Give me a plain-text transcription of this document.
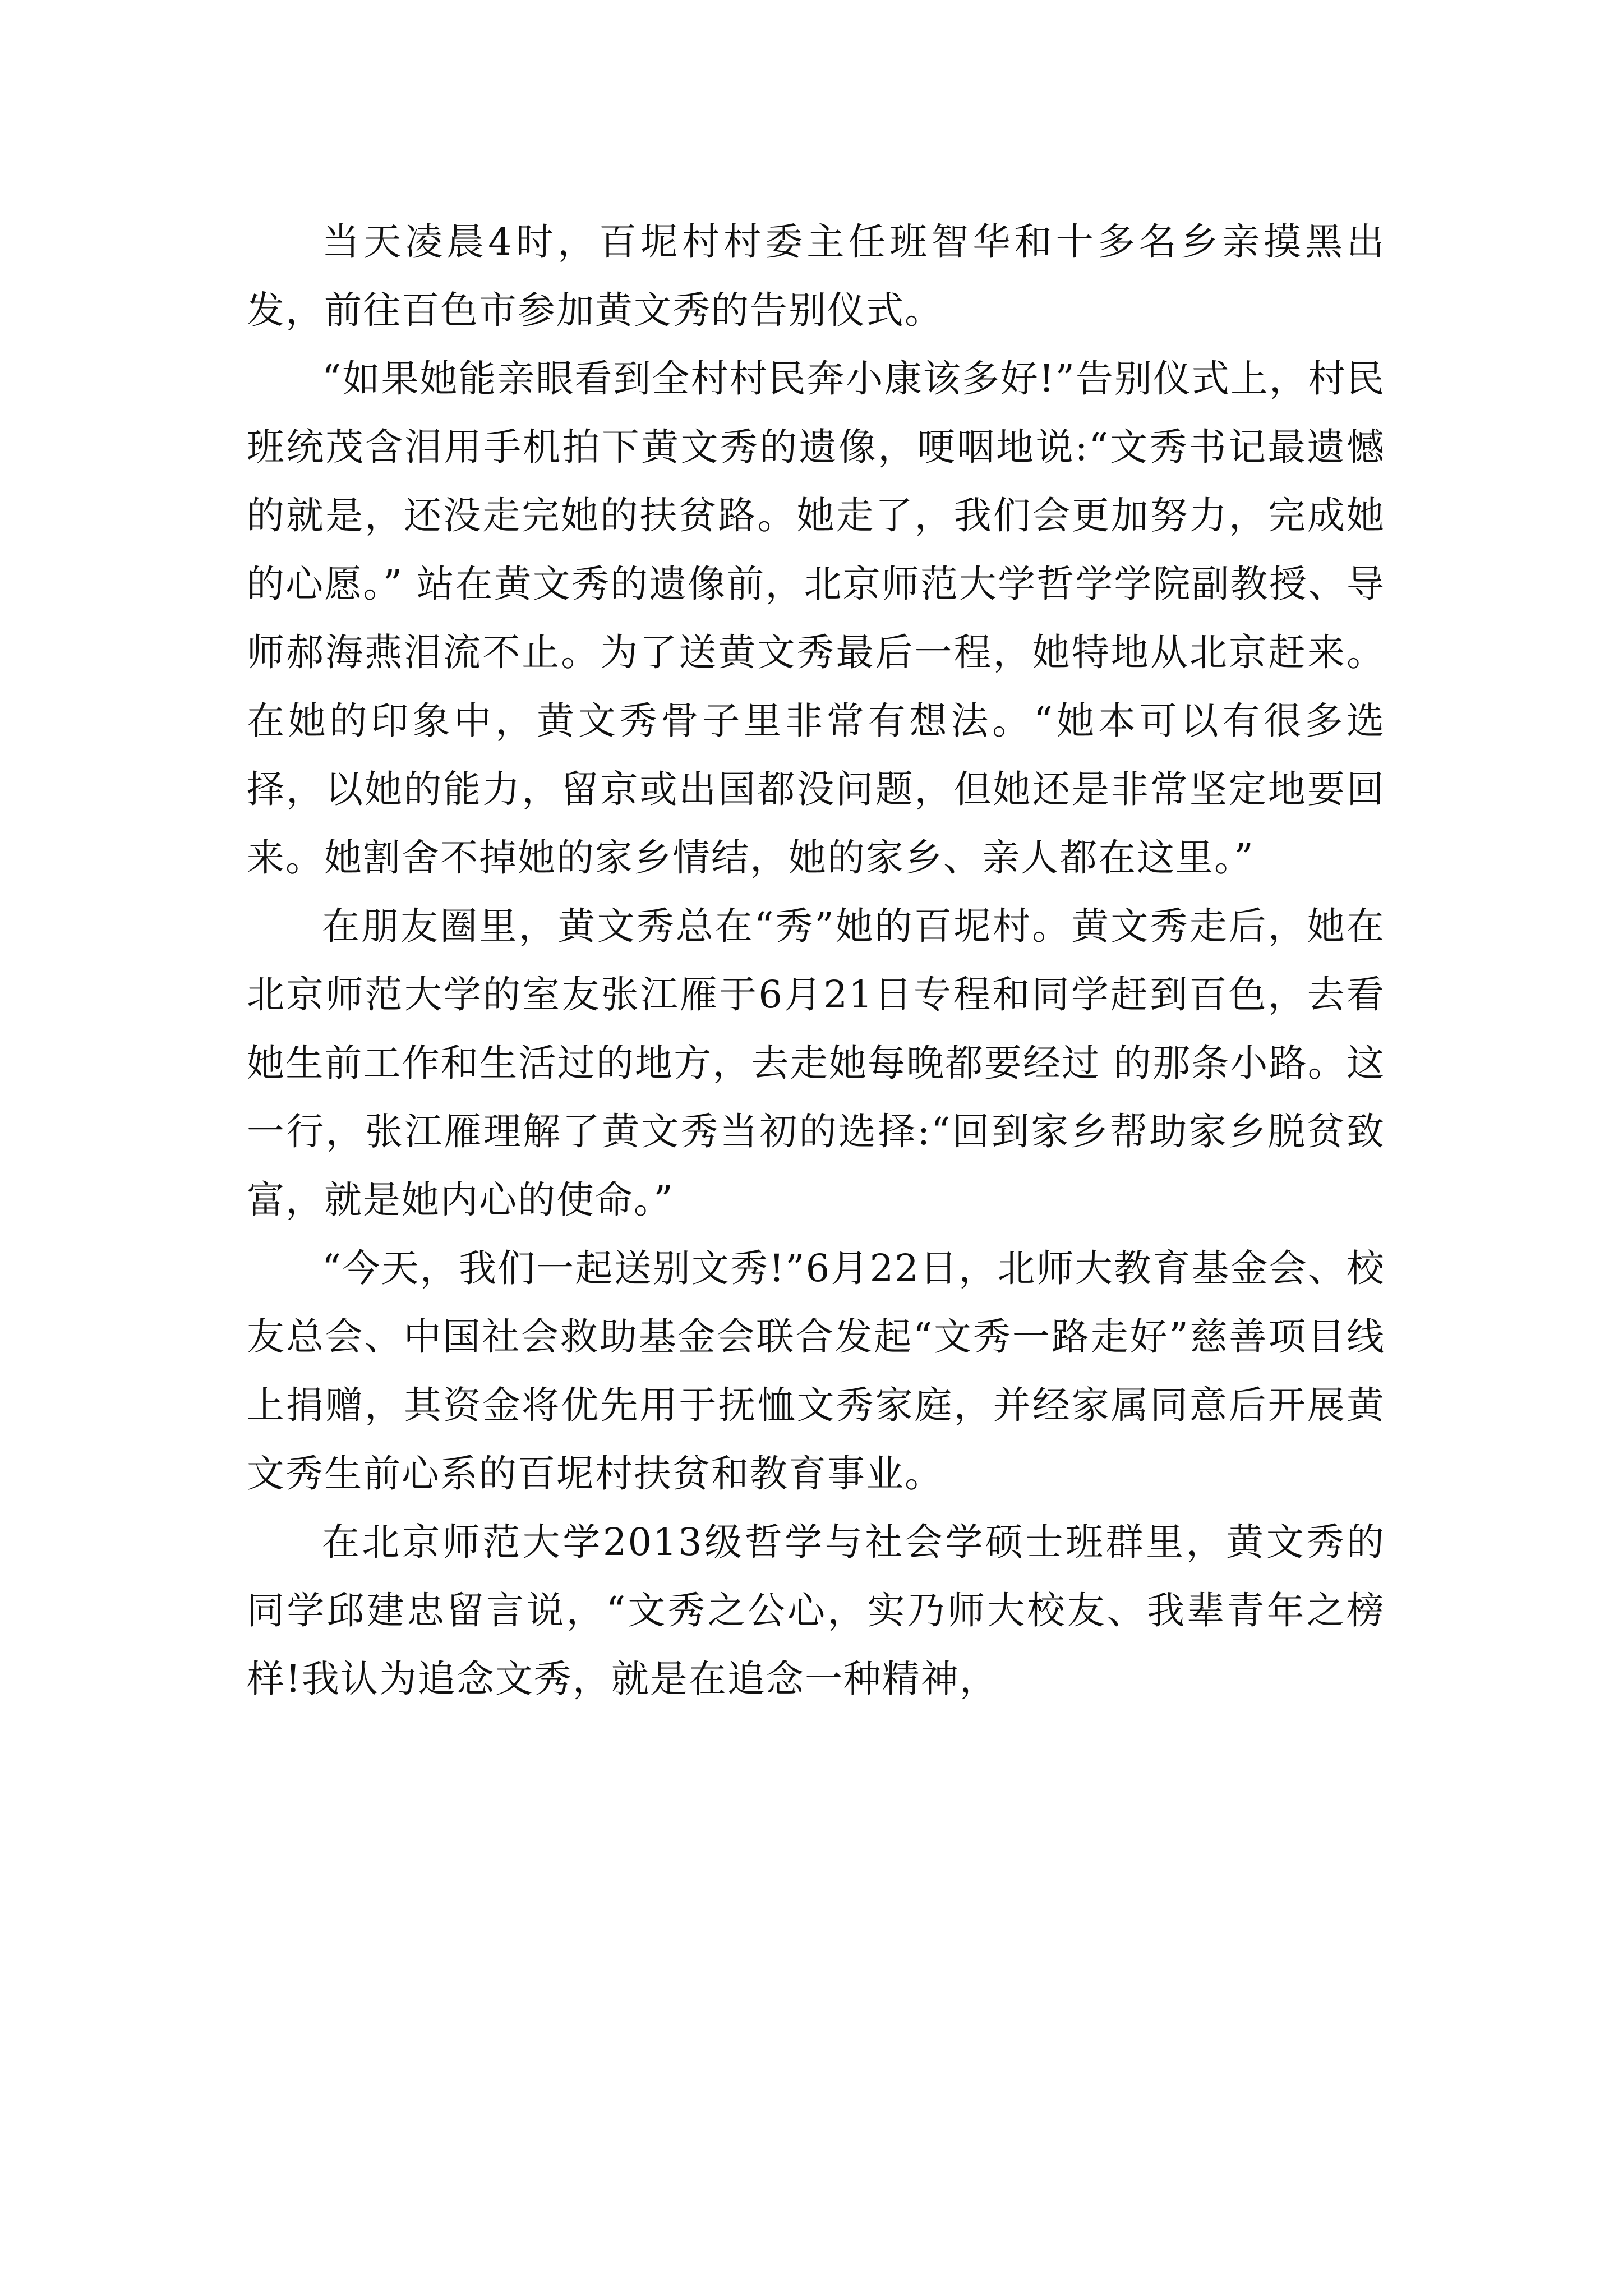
当天凌晨4时，百坭村村委主任班智华和十多名乡亲摸黑出发，前往百色市参加黄文秀的告别仪式。

“如果她能亲眼看到全村村民奔小康该多好!”告别仪式上，村民班统茂含泪用手机拍下黄文秀的遗像，哽咽地说:“文秀书记最遗憾的就是，还没走完她的扶贫路。她走了，我们会更加努力，完成她的心愿。” 站在黄文秀的遗像前，北京师范大学哲学学院副教授、导师郝海燕泪流不止。为了送黄文秀最后一程，她特地从北京赶来。在她的印象中，黄文秀骨子里非常有想法。“她本可以有很多选择，以她的能力，留京或出国都没问题，但她还是非常坚定地要回来。她割舍不掉她的家乡情结，她的家乡、亲人都在这里。”

在朋友圈里，黄文秀总在“秀”她的百坭村。黄文秀走后，她在北京师范大学的室友张江雁于6月21日专程和同学赶到百色，去看她生前工作和生活过的地方，去走她每晚都要经过 的那条小路。这一行，张江雁理解了黄文秀当初的选择:“回到家乡帮助家乡脱贫致富，就是她内心的使命。”

“今天，我们一起送别文秀!”6月22日，北师大教育基金会、校友总会、中国社会救助基金会联合发起“文秀一路走好”慈善项目线上捐赠，其资金将优先用于抚恤文秀家庭，并经家属同意后开展黄文秀生前心系的百坭村扶贫和教育事业。

在北京师范大学2013级哲学与社会学硕士班群里，黄文秀的同学邱建忠留言说，“文秀之公心，实乃师大校友、我辈青年之榜样!我认为追念文秀，就是在追念一种精神，
